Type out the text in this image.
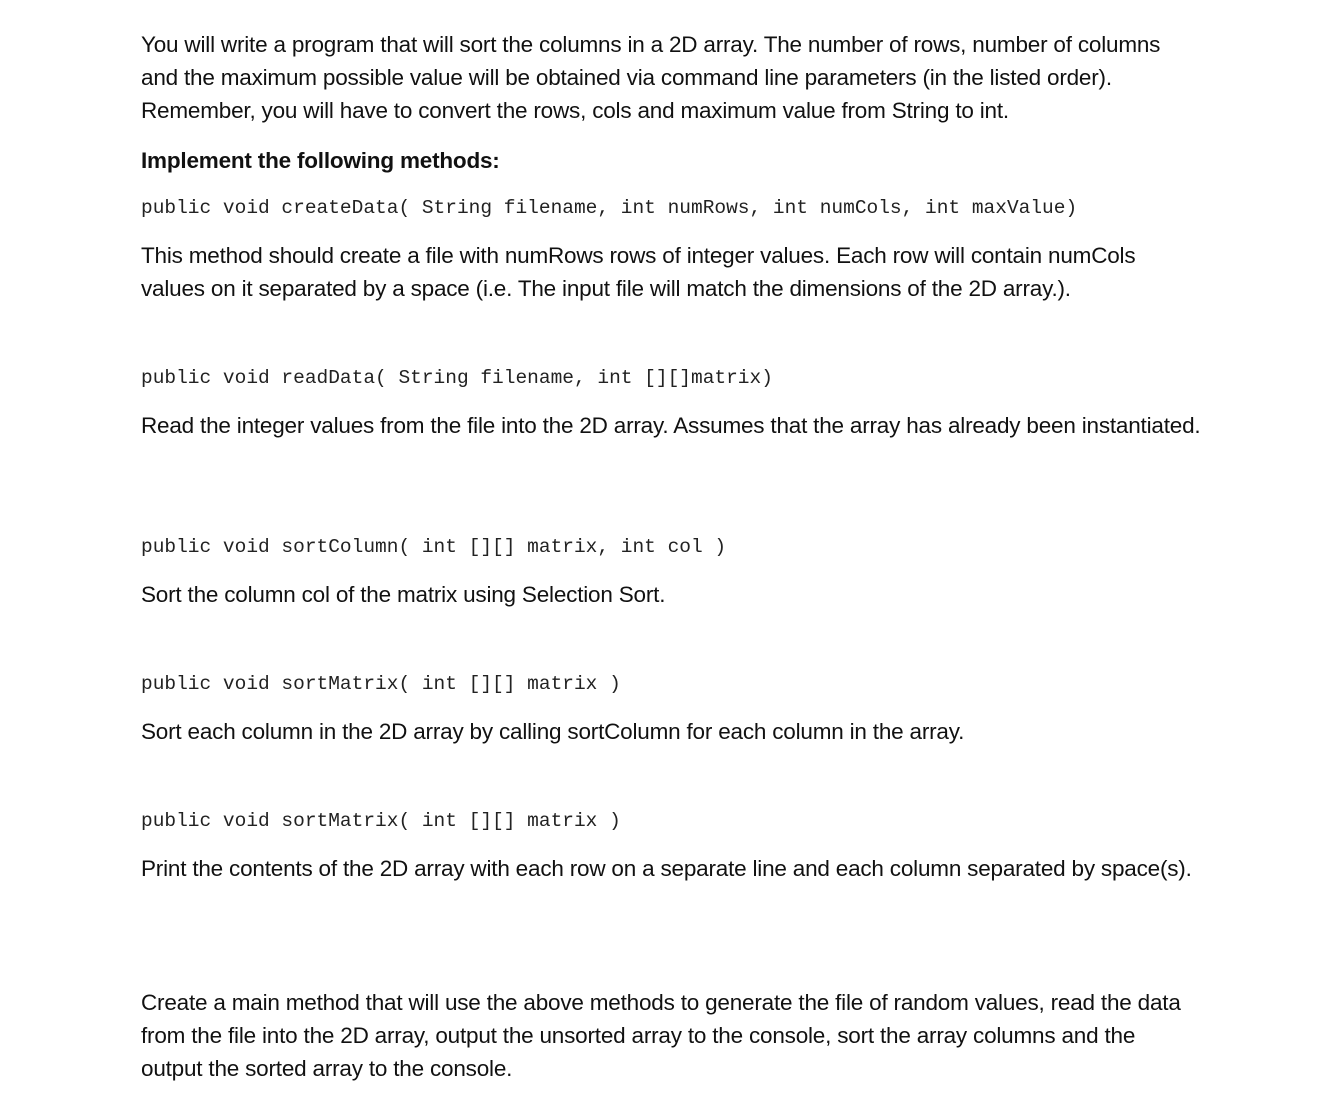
You will write a program that will sort the columns in a 2D array. The number of rows, number of columns and the maximum possible value will be obtained via command line parameters (in the listed order). Remember, you will have to convert the rows, cols and maximum value from String to int.

Implement the following methods:

public void createData( String filename, int numRows, int numCols, int maxValue)

This method should create a file with numRows rows of integer values. Each row will contain numCols values on it separated by a space (i.e. The input file will match the dimensions of the 2D array.).

public void readData( String filename, int [][]matrix)

Read the integer values from the file into the 2D array. Assumes that the array has already been instantiated.

public void sortColumn( int [][] matrix, int col )

Sort the column col of the matrix using Selection Sort.

public void sortMatrix( int [][] matrix )

Sort each column in the 2D array by calling sortColumn for each column in the array.

public void sortMatrix( int [][] matrix )

Print the contents of the 2D array with each row on a separate line and each column separated by space(s).

Create a main method that will use the above methods to generate the file of random values, read the data from the file into the 2D array, output the unsorted array to the console, sort the array columns and the output the sorted array to the console.
